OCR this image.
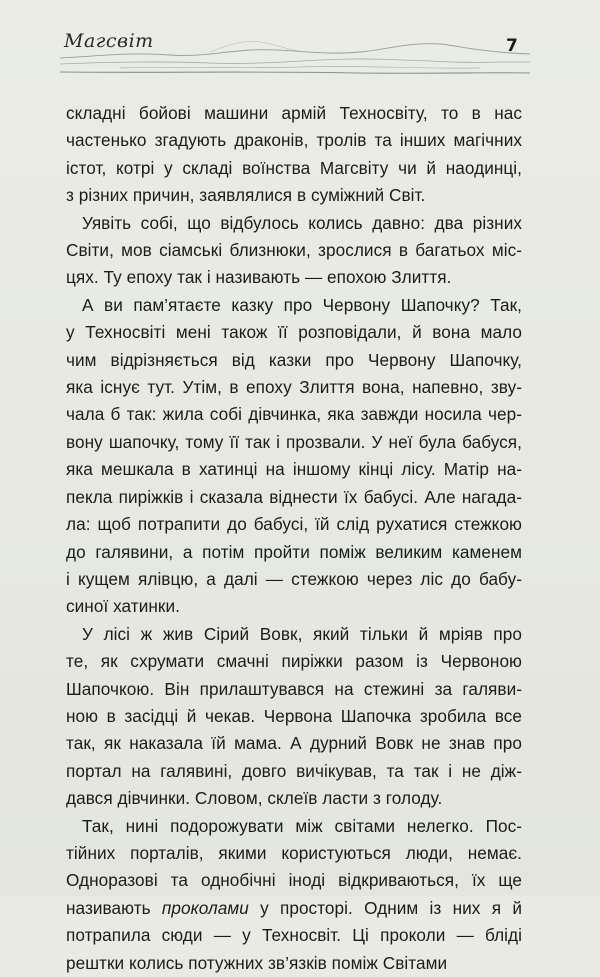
Магсвіт	7
складні бойові машини армій Техносвіту, то в нас
частенько згадують драконів, тролів та інших магічних
істот, котрі у складі воїнства Магсвіту чи й наодинці,
з різних причин, заявлялися в суміжний Світ.
Уявіть собі, що відбулось колись давно: два різних
Світи, мов сіамські близнюки, зрослися в багатьох міс-
цях. Ту епоху так і називають — епохою Злиття.
А ви пам’ятаєте казку про Червону Шапочку? Так,
у Техносвіті мені також її розповідали, й вона мало
чим відрізняється від казки про Червону Шапочку,
яка існує тут. Утім, в епоху Злиття вона, напевно, зву-
чала б так: жила собі дівчинка, яка завжди носила чер-
вону шапочку, тому її так і прозвали. У неї була бабуся,
яка мешкала в хатинці на іншому кінці лісу. Матір на-
пекла пиріжків і сказала віднести їх бабусі. Але нагада-
ла: щоб потрапити до бабусі, їй слід рухатися стежкою
до галявини, а потім пройти поміж великим каменем
і кущем ялівцю, а далі — стежкою через ліс до бабу-
синої хатинки.
У лісі ж жив Сірий Вовк, який тільки й мріяв про
те, як схрумати смачні пиріжки разом із Червоною
Шапочкою. Він прилаштувався на стежині за галяви-
ною в засідці й чекав. Червона Шапочка зробила все
так, як наказала їй мама. А дурний Вовк не знав про
портал на галявині, довго вичікував, та так і не діж-
дався дівчинки. Словом, склеїв ласти з голоду.
Так, нині подорожувати між світами нелегко. Пос-
тійних порталів, якими користуються люди, немає.
Одноразові та однобічні іноді відкриваються, їх ще
називають проколами у просторі. Одним із них я й
потрапила сюди — у Техносвіт. Ці проколи — бліді
рештки колись потужних зв’язків поміж Світами
